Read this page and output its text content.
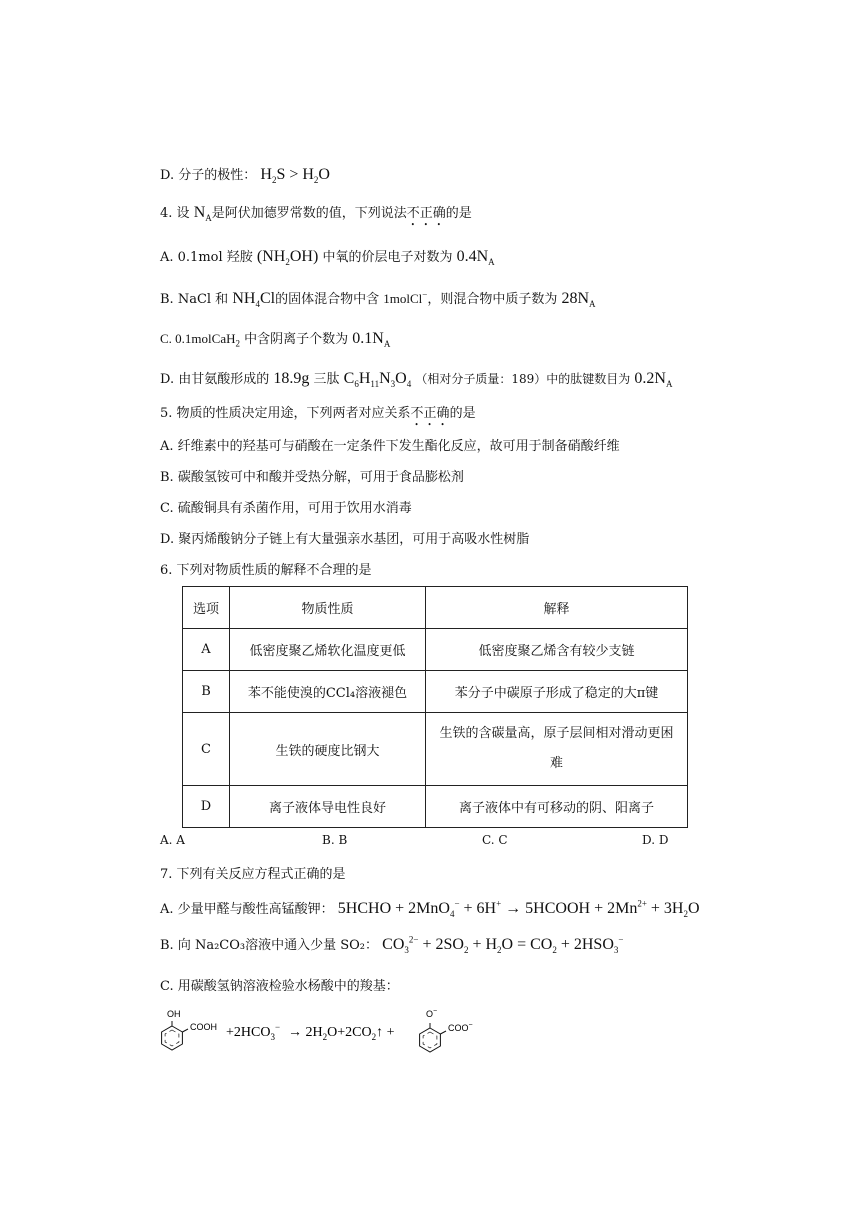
D. 分子的极性： $H_2S > H_2O$
4. 设 $N_A$是阿伏加德罗常数的值，下列说法不正确的是
A. 0.1mol 羟胺 $(NH_2OH)$ 中氧的价层电子对数为 $0.4N_A$
B. NaCl 和 $NH_4Cl$的固体混合物中含 1molCl−，则混合物中质子数为 $28N_A$
C. 0.1molCaH$_2$ 中含阴离子个数为 $0.1N_A$
D. 由甘氨酸形成的 18.9g 三肽 $C_6H_{11}N_3O_4$ （相对分子质量：189）中的肽键数目为 $0.2N_A$
5. 物质的性质决定用途，下列两者对应关系不正确的是
A. 纤维素中的羟基可与硝酸在一定条件下发生酯化反应，故可用于制备硝酸纤维
B. 碳酸氢铵可中和酸并受热分解，可用于食品膨松剂
C. 硫酸铜具有杀菌作用，可用于饮用水消毒
D. 聚丙烯酸钠分子链上有大量强亲水基团，可用于高吸水性树脂
6. 下列对物质性质的解释不合理的是
选项	物质性质	解释
A	低密度聚乙烯软化温度更低	低密度聚乙烯含有较少支链
B	苯不能使溴的CCl₄溶液褪色	苯分子中碳原子形成了稳定的大π键
C	生铁的硬度比钢大	生铁的含碳量高，原子层间相对滑动更困
难

D	离子液体导电性良好	离子液体中有可移动的阴、阳离子
A. A	B. B	C. C	D. D
7. 下列有关反应方程式正确的是
A. 少量甲醛与酸性高锰酸钾： 5HCHO + 2MnO$_4$− + 6H+ → 5HCOOH + $2Mn^{2+} + 3H_2O$
B. 向 Na₂CO₃溶液中通入少量 SO₂： $CO_3^{2-} + 2SO_2 + H_2O = CO_2 + 2HSO_3^-$
C. 用碳酸氢钠溶液检验水杨酸中的羧基：
OH
COOH $+2HCO_3^-$ → $2H_2O+2CO_2↑$ +
O−
COO−
